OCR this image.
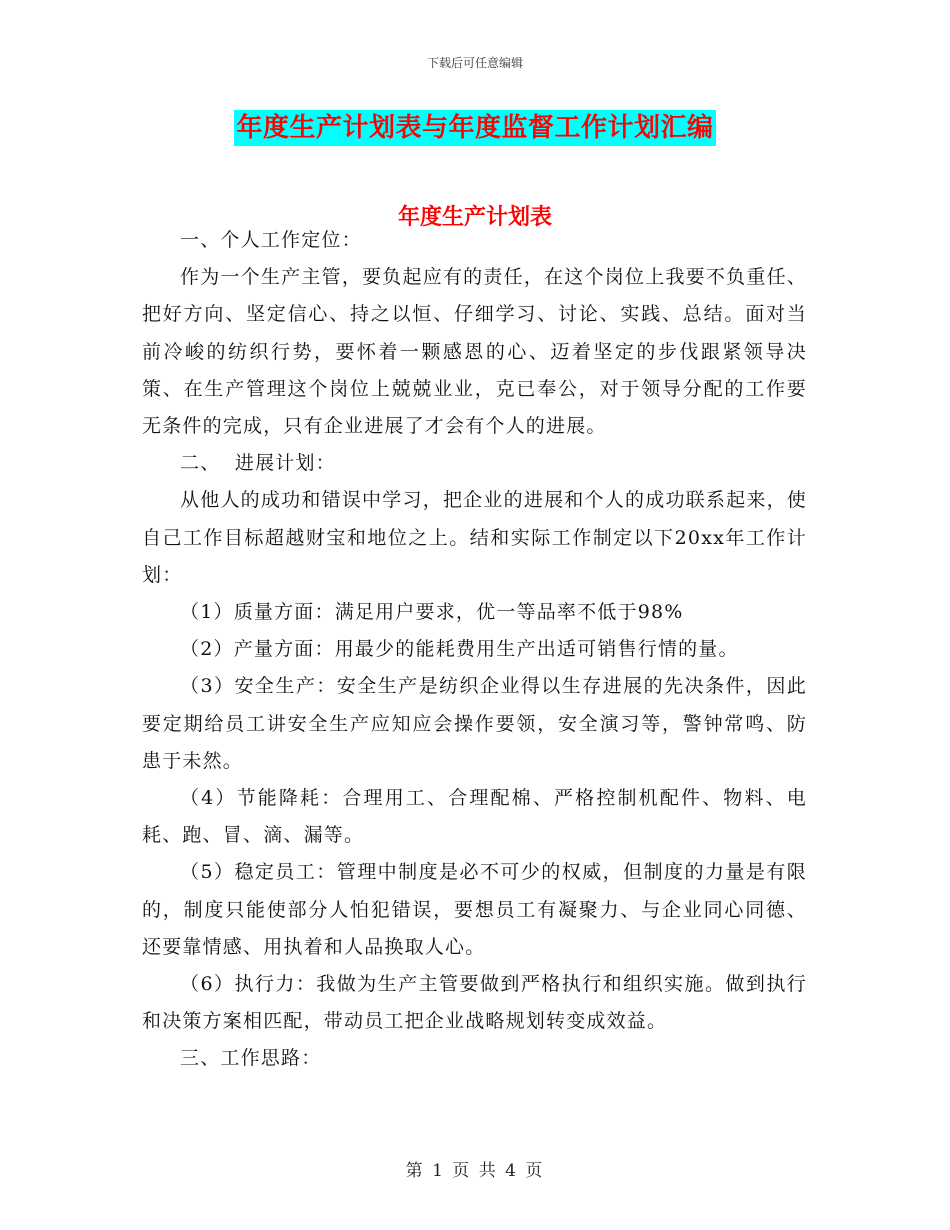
下载后可任意编辑
年度生产计划表与年度监督工作计划汇编
年度生产计划表

一、个人工作定位：

作为一个生产主管，要负起应有的责任，在这个岗位上我要不负重任、把好方向、坚定信心、持之以恒、仔细学习、讨论、实践、总结。面对当前冷峻的纺织行势，要怀着一颗感恩的心、迈着坚定的步伐跟紧领导决策、在生产管理这个岗位上兢兢业业，克已奉公，对于领导分配的工作要无条件的完成，只有企业进展了才会有个人的进展。

二、  进展计划：

从他人的成功和错误中学习，把企业的进展和个人的成功联系起来，使自己工作目标超越财宝和地位之上。结和实际工作制定以下20xx年工作计划：

（1）质量方面：满足用户要求，优一等品率不低于98%

（2）产量方面：用最少的能耗费用生产出适可销售行情的量。

（3）安全生产：安全生产是纺织企业得以生存进展的先决条件，因此要定期给员工讲安全生产应知应会操作要领，安全演习等，警钟常鸣、防患于未然。

（4）节能降耗：合理用工、合理配棉、严格控制机配件、物料、电耗、跑、冒、滴、漏等。

（5）稳定员工：管理中制度是必不可少的权威，但制度的力量是有限的，制度只能使部分人怕犯错误，要想员工有凝聚力、与企业同心同德、还要靠情感、用执着和人品换取人心。

（6）执行力：我做为生产主管要做到严格执行和组织实施。做到执行和决策方案相匹配，带动员工把企业战略规划转变成效益。

三、工作思路：

第 1 页 共 4 页
